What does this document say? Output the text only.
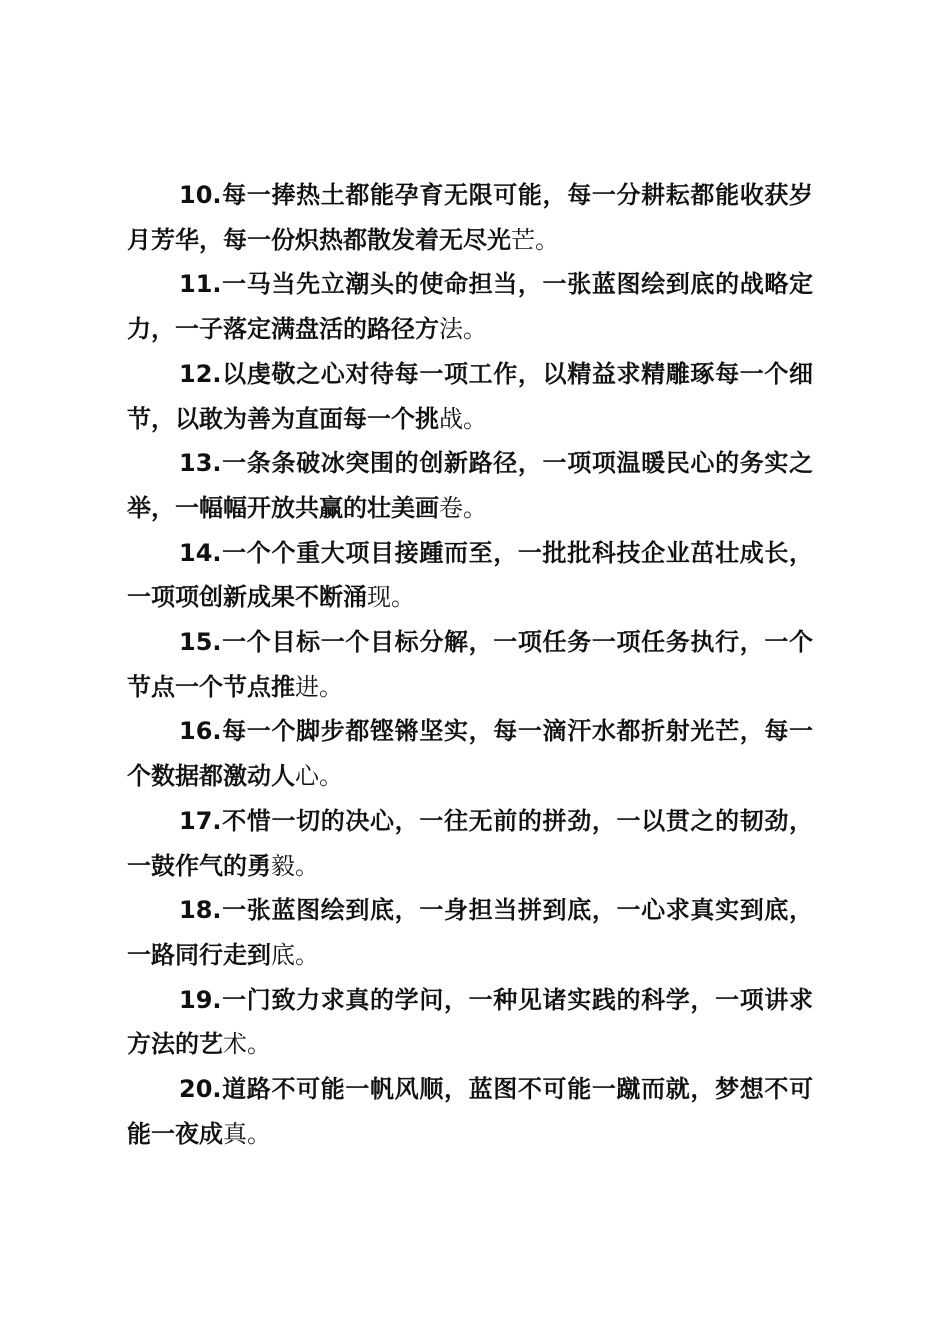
10.每一捧热土都能孕育无限可能，每一分耕耘都能收获岁月芳华，每一份炽热都散发着无尽光芒。

11.一马当先立潮头的使命担当，一张蓝图绘到底的战略定力，一子落定满盘活的路径方法。

12.以虔敬之心对待每一项工作，以精益求精雕琢每一个细节，以敢为善为直面每一个挑战。

13.一条条破冰突围的创新路径，一项项温暖民心的务实之举，一幅幅开放共赢的壮美画卷。

14.一个个重大项目接踵而至，一批批科技企业茁壮成长，一项项创新成果不断涌现。

15.一个目标一个目标分解，一项任务一项任务执行，一个节点一个节点推进。

16.每一个脚步都铿锵坚实，每一滴汗水都折射光芒，每一个数据都激动人心。

17.不惜一切的决心，一往无前的拼劲，一以贯之的韧劲，一鼓作气的勇毅。

18.一张蓝图绘到底，一身担当拼到底，一心求真实到底，一路同行走到底。

19.一门致力求真的学问，一种见诸实践的科学，一项讲求方法的艺术。

20.道路不可能一帆风顺，蓝图不可能一蹴而就，梦想不可能一夜成真。
